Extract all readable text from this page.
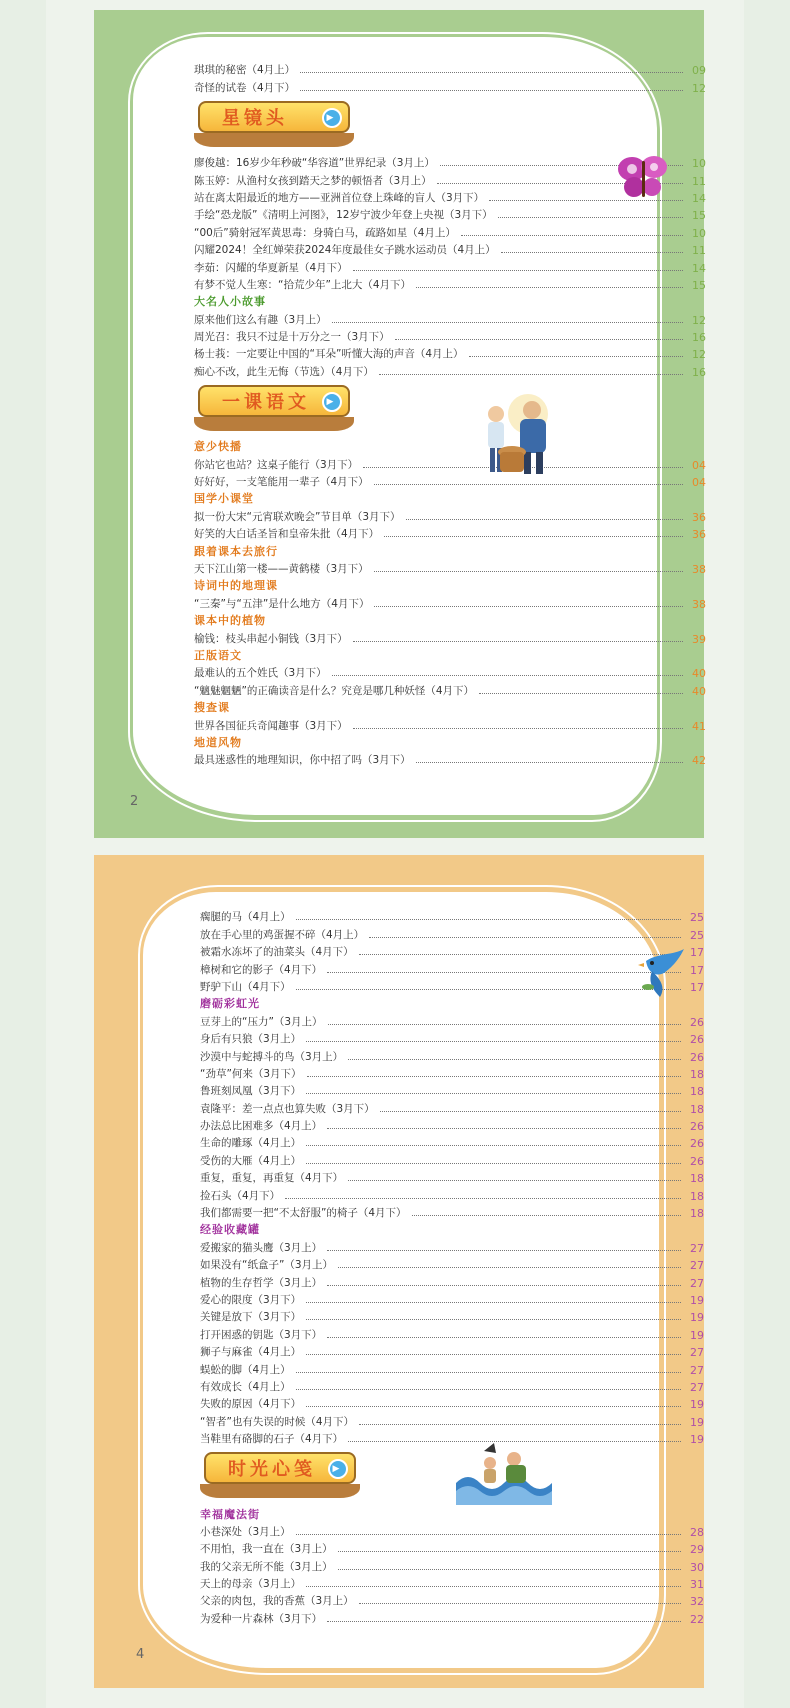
琪琪的秘密（4月上）	09
奇怪的试卷（4月下）	12
星镜头	▶
廖俊越：16岁少年秒破“华容道”世界纪录（3月上）	10
陈玉婷：从渔村女孩到踏天之梦的顿悟者（3月上）	11
站在离太阳最近的地方——亚洲首位登上珠峰的盲人（3月下）	14
手绘“恐龙版”《清明上河图》，12岁宁波少年登上央视（3月下）	15
“00后”骑射冠军黄思毒：身骑白马，疏路如星（4月上）	10
闪耀2024！全红婵荣获2024年度最佳女子跳水运动员（4月上）	11
李茹：闪耀的华夏新星（4月下）	14
有梦不觉人生寒：“拾荒少年”上北大（4月下）	15
大名人小故事
原来他们这么有趣（3月上）	12
周光召：我只不过是十万分之一（3月下）	16
杨士莪：一定要让中国的“耳朵”听懂大海的声音（4月上）	12
痴心不改，此生无悔（节选）（4月下）	16
一课语文	▶
意少快播
你站它也站？这桌子能行（3月下）	04
好好好，一支笔能用一辈子（4月下）	04
国学小课堂
拟一份大宋“元宵联欢晚会”节目单（3月下）	36
好笑的大白话圣旨和皇帝朱批（4月下）	36
跟着课本去旅行
天下江山第一楼——黄鹤楼（3月下）	38
诗词中的地理课
“三秦”与“五津”是什么地方（4月下）	38
课本中的植物
榆钱：枝头串起小铜钱（3月下）	39
正版语文
最难认的五个姓氏（3月下）	40
“魑魅魍魉”的正确读音是什么？究竟是哪几种妖怪（4月下）	40
搜查课
世界各国征兵奇闻趣事（3月下）	41
地道风物
最具迷惑性的地理知识，你中招了吗（3月下）	42
2
瘸腿的马（4月上）	25
放在手心里的鸡蛋握不碎（4月上）	25
被霜水冻坏了的油菜头（4月下）	17
樟树和它的影子（4月下）	17
野驴下山（4月下）	17
磨砺彩虹光
豆芽上的“压力”（3月上）	26
身后有只狼（3月上）	26
沙漠中与蛇搏斗的鸟（3月上）	26
“劲草”何来（3月下）	18
鲁班刻凤凰（3月下）	18
袁隆平：差一点点也算失败（3月下）	18
办法总比困难多（4月上）	26
生命的雕琢（4月上）	26
受伤的大雁（4月上）	26
重复，重复，再重复（4月下）	18
捡石头（4月下）	18
我们都需要一把“不太舒服”的椅子（4月下）	18
经验收藏罐
爱搬家的猫头鹰（3月上）	27
如果没有“纸盒子”（3月上）	27
植物的生存哲学（3月上）	27
爱心的限度（3月下）	19
关键是放下（3月下）	19
打开困惑的钥匙（3月下）	19
狮子与麻雀（4月上）	27
蜈蚣的脚（4月上）	27
有效成长（4月上）	27
失败的原因（4月下）	19
“智者”也有失误的时候（4月下）	19
当鞋里有硌脚的石子（4月下）	19
时光心笺	▶
幸福魔法街
小巷深处（3月上）	28
不用怕，我一直在（3月上）	29
我的父亲无所不能（3月上）	30
天上的母亲（3月上）	31
父亲的肉包，我的香蕉（3月上）	32
为爱种一片森林（3月下）	22
4
